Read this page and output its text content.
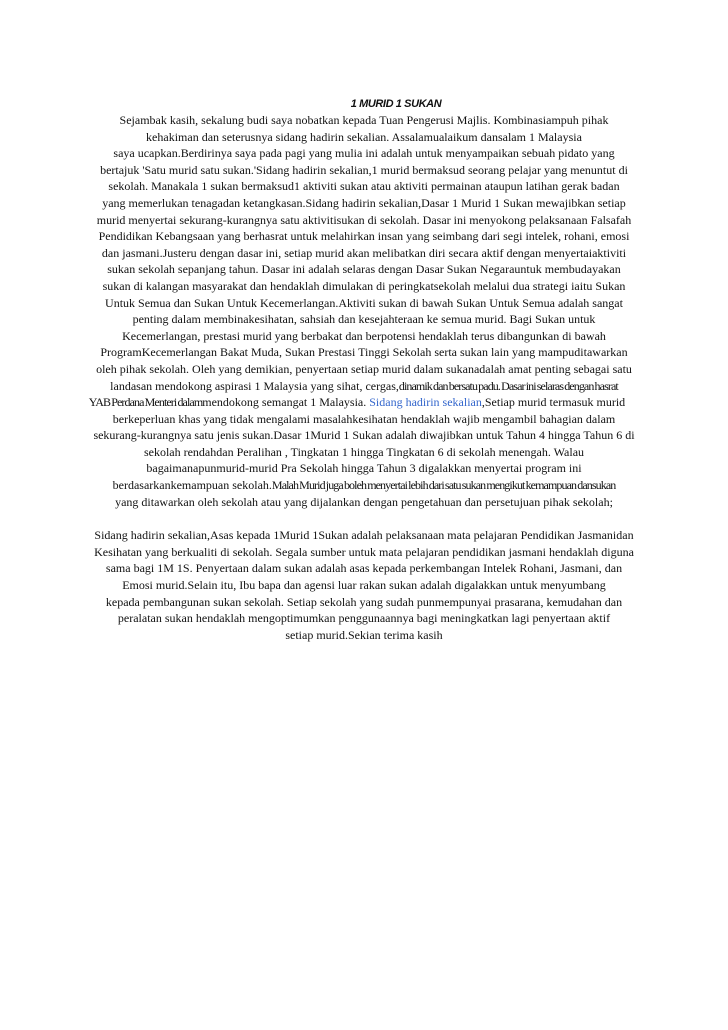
1 MURID 1 SUKAN

Sejambak kasih, sekalung budi saya nobatkan kepada Tuan Pengerusi Majlis. Kombinasiampuh pihak
kehakiman dan seterusnya sidang hadirin sekalian. Assalamualaikum dansalam 1 Malaysia
saya ucapkan.Berdirinya saya pada pagi yang mulia ini adalah untuk menyampaikan sebuah pidato yang
bertajuk 'Satu murid satu sukan.'Sidang hadirin sekalian,1 murid bermaksud seorang pelajar yang menuntut di
sekolah. Manakala 1 sukan bermaksud1 aktiviti sukan atau aktiviti permainan ataupun latihan gerak badan
yang memerlukan tenagadan ketangkasan.Sidang hadirin sekalian,Dasar 1 Murid 1 Sukan mewajibkan setiap
murid menyertai sekurang-kurangnya satu aktivitisukan di sekolah. Dasar ini menyokong pelaksanaan Falsafah
Pendidikan Kebangsaan yang berhasrat untuk melahirkan insan yang seimbang dari segi intelek, rohani, emosi
dan jasmani.Justeru dengan dasar ini, setiap murid akan melibatkan diri secara aktif dengan menyertaiaktiviti
sukan sekolah sepanjang tahun. Dasar ini adalah selaras dengan Dasar Sukan Negarauntuk membudayakan
sukan di kalangan masyarakat dan hendaklah dimulakan di peringkatsekolah melalui dua strategi iaitu Sukan
Untuk Semua dan Sukan Untuk Kecemerlangan.Aktiviti sukan di bawah Sukan Untuk Semua adalah sangat
penting dalam membinakesihatan, sahsiah dan kesejahteraan ke semua murid. Bagi Sukan untuk
Kecemerlangan, prestasi murid yang berbakat dan berpotensi hendaklah terus dibangunkan di bawah
ProgramKecemerlangan Bakat Muda, Sukan Prestasi Tinggi Sekolah serta sukan lain yang mampuditawarkan
oleh pihak sekolah. Oleh yang demikian, penyertaan setiap murid dalam sukanadalah amat penting sebagai satu
landasan mendokong aspirasi 1 Malaysia yang sihat, cergas,dinamik dan bersatu padu. Dasar ini selaras dengan hasrat
YAB Perdana Menteri dalammendokong semangat 1 Malaysia. Sidang hadirin sekalian,Setiap murid termasuk murid
berkeperluan khas yang tidak mengalami masalahkesihatan hendaklah wajib mengambil bahagian dalam
sekurang-kurangnya satu jenis sukan.Dasar 1Murid 1 Sukan adalah diwajibkan untuk Tahun 4 hingga Tahun 6 di
sekolah rendahdan Peralihan , Tingkatan 1 hingga Tingkatan 6 di sekolah menengah. Walau
bagaimanapunmurid-murid Pra Sekolah hingga Tahun 3 digalakkan menyertai program ini
berdasarkankemampuan sekolah.Malah Murid juga boleh menyertai lebih dari satu sukan mengikut kemampuan dansukan
yang ditawarkan oleh sekolah atau yang dijalankan dengan pengetahuan dan persetujuan pihak sekolah;
Sidang hadirin sekalian,Asas kepada 1Murid 1Sukan adalah pelaksanaan mata pelajaran Pendidikan Jasmanidan
Kesihatan yang berkualiti di sekolah. Segala sumber untuk mata pelajaran pendidikan jasmani hendaklah diguna
sama bagi 1M 1S. Penyertaan dalam sukan adalah asas kepada perkembangan Intelek Rohani, Jasmani, dan
Emosi murid.Selain itu, Ibu bapa dan agensi luar rakan sukan adalah digalakkan untuk menyumbang
kepada pembangunan sukan sekolah. Setiap sekolah yang sudah punmempunyai prasarana, kemudahan dan
peralatan sukan hendaklah mengoptimumkan penggunaannya bagi meningkatkan lagi penyertaan aktif
setiap murid.Sekian terima kasih
